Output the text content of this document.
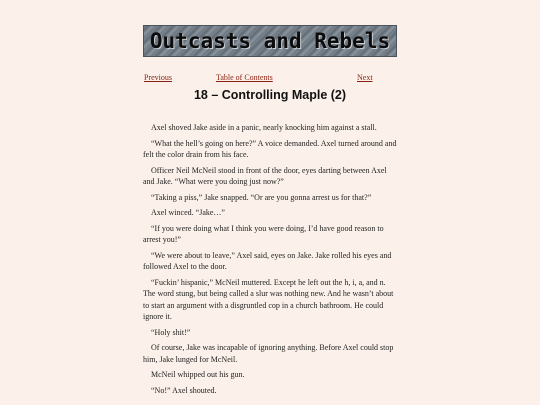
Outcasts and Rebels
Previous	Table of Contents	Next
18 – Controlling Maple (2)

Axel shoved Jake aside in a panic, nearly knocking him against a stall.

“What the hell’s going on here?” A voice demanded. Axel turned around and felt the color drain from his face.

Officer Neil McNeil stood in front of the door, eyes darting between Axel and Jake. “What were you doing just now?”

“Taking a piss,” Jake snapped. “Or are you gonna arrest us for that?”

Axel winced. “Jake…”

“If you were doing what I think you were doing, I’d have good reason to arrest you!”

“We were about to leave,” Axel said, eyes on Jake. Jake rolled his eyes and followed Axel to the door.

“Fuckin’ hispanic,” McNeil muttered. Except he left out the h, i, a, and n. The word stung, but being called a slur was nothing new. And he wasn’t about to start an argument with a disgruntled cop in a church bathroom. He could ignore it.

“Holy shit!”

Of course, Jake was incapable of ignoring anything. Before Axel could stop him, Jake lunged for McNeil.

McNeil whipped out his gun.

“No!” Axel shouted.
